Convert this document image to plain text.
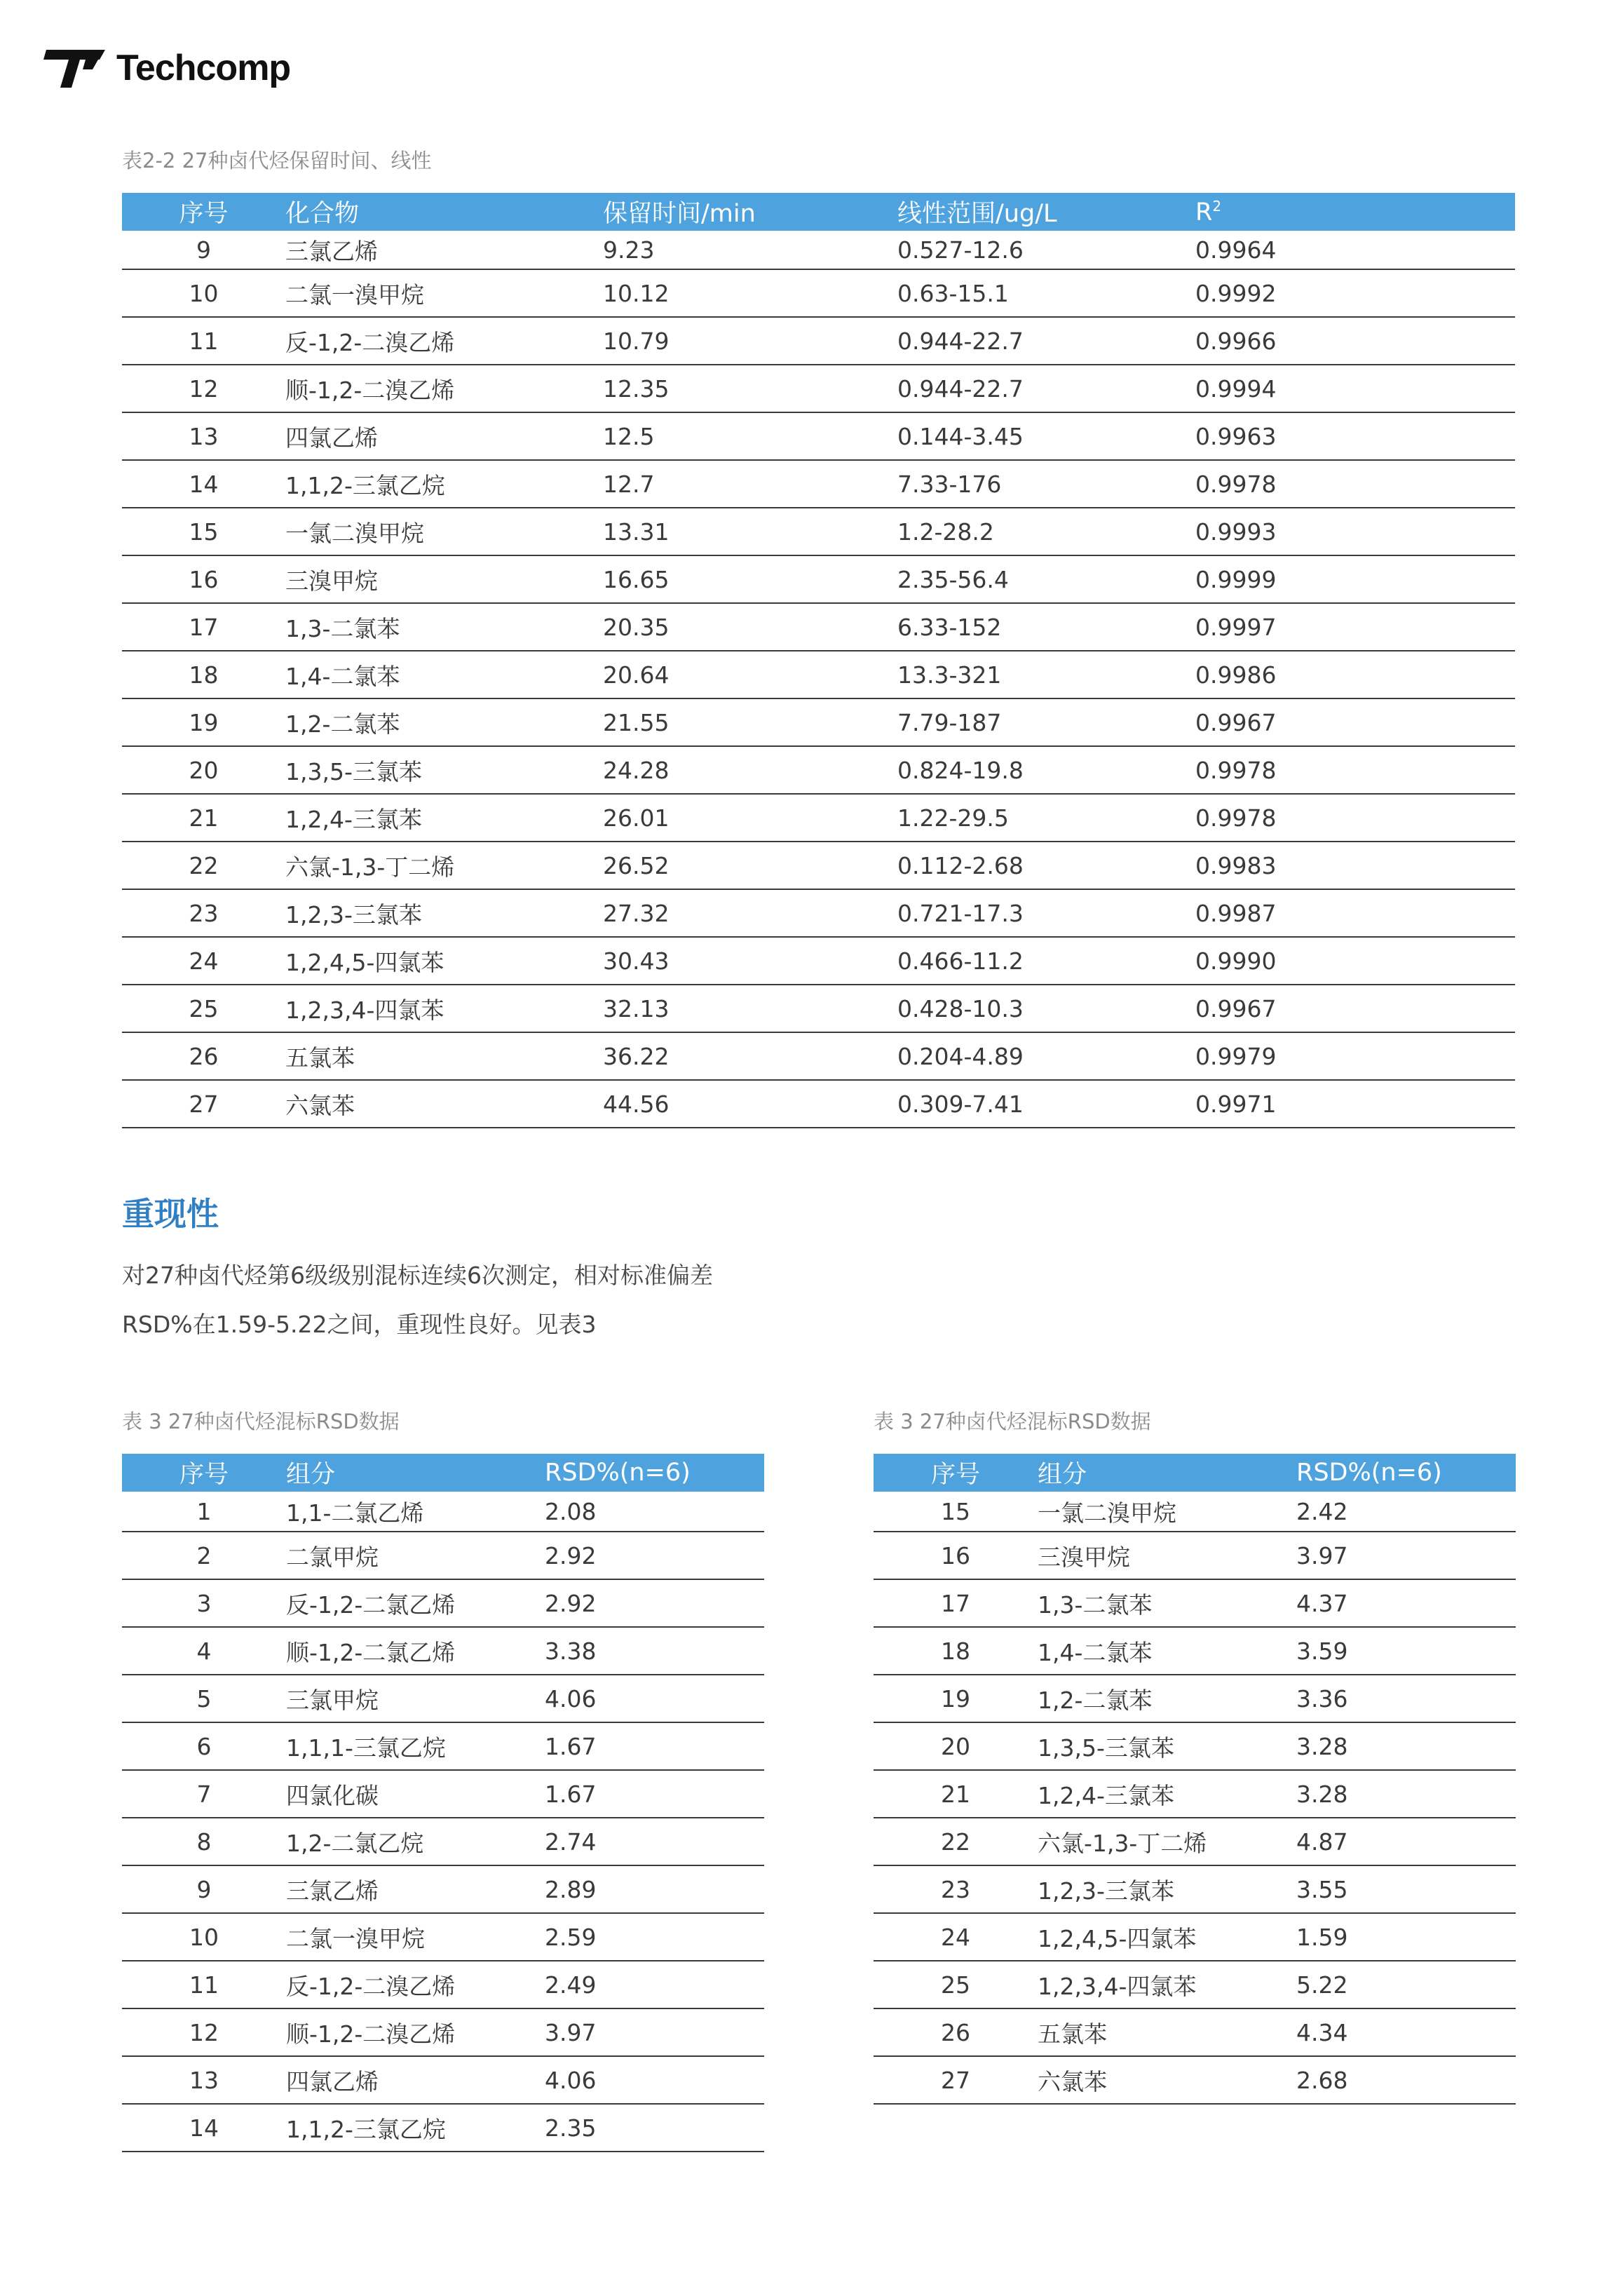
Techcomp
表2-2 27种卤代烃保留时间、线性
序号	化合物	保留时间/min	线性范围/ug/L	$R^2$
9	三氯乙烯	9.23	0.527-12.6	0.9964
10	二氯一溴甲烷	10.12	0.63-15.1	0.9992
11	反-1,2-二溴乙烯	10.79	0.944-22.7	0.9966
12	顺-1,2-二溴乙烯	12.35	0.944-22.7	0.9994
13	四氯乙烯	12.5	0.144-3.45	0.9963
14	1,1,2-三氯乙烷	12.7	7.33-176	0.9978
15	一氯二溴甲烷	13.31	1.2-28.2	0.9993
16	三溴甲烷	16.65	2.35-56.4	0.9999
17	1,3-二氯苯	20.35	6.33-152	0.9997
18	1,4-二氯苯	20.64	13.3-321	0.9986
19	1,2-二氯苯	21.55	7.79-187	0.9967
20	1,3,5-三氯苯	24.28	0.824-19.8	0.9978
21	1,2,4-三氯苯	26.01	1.22-29.5	0.9978
22	六氯-1,3-丁二烯	26.52	0.112-2.68	0.9983
23	1,2,3-三氯苯	27.32	0.721-17.3	0.9987
24	1,2,4,5-四氯苯	30.43	0.466-11.2	0.9990
25	1,2,3,4-四氯苯	32.13	0.428-10.3	0.9967
26	五氯苯	36.22	0.204-4.89	0.9979
27	六氯苯	44.56	0.309-7.41	0.9971
重现性
对27种卤代烃第6级级别混标连续6次测定，相对标准偏差
RSD%在1.59-5.22之间，重现性良好。见表3
表 3 27种卤代烃混标RSD数据
序号	组分	RSD%(n=6)
1	1,1-二氯乙烯	2.08
2	二氯甲烷	2.92
3	反-1,2-二氯乙烯	2.92
4	顺-1,2-二氯乙烯	3.38
5	三氯甲烷	4.06
6	1,1,1-三氯乙烷	1.67
7	四氯化碳	1.67
8	1,2-二氯乙烷	2.74
9	三氯乙烯	2.89
10	二氯一溴甲烷	2.59
11	反-1,2-二溴乙烯	2.49
12	顺-1,2-二溴乙烯	3.97
13	四氯乙烯	4.06
14	1,1,2-三氯乙烷	2.35
表 3 27种卤代烃混标RSD数据
序号	组分	RSD%(n=6)
15	一氯二溴甲烷	2.42
16	三溴甲烷	3.97
17	1,3-二氯苯	4.37
18	1,4-二氯苯	3.59
19	1,2-二氯苯	3.36
20	1,3,5-三氯苯	3.28
21	1,2,4-三氯苯	3.28
22	六氯-1,3-丁二烯	4.87
23	1,2,3-三氯苯	3.55
24	1,2,4,5-四氯苯	1.59
25	1,2,3,4-四氯苯	5.22
26	五氯苯	4.34
27	六氯苯	2.68
